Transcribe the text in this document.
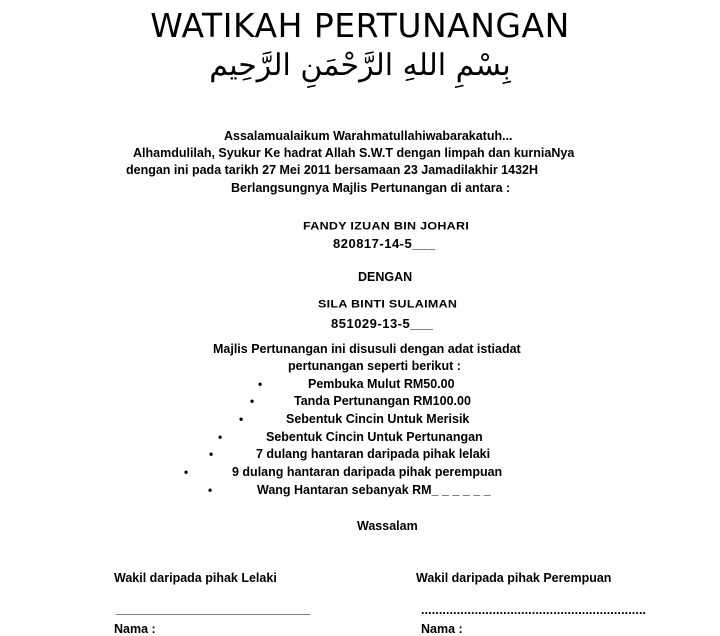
WATIKAH PERTUNANGAN
بِسْمِ اللهِ الرَّحْمَنِ الرَّحِيم
Assalamualaikum Warahmatullahiwabarakatuh...
Alhamdulilah, Syukur Ke hadrat Allah S.W.T dengan limpah dan kurniaNya
dengan ini pada tarikh 27 Mei 2011 bersamaan 23 Jamadilakhir 1432H
Berlangsungnya Majlis Pertunangan di antara :
FANDY IZUAN BIN JOHARI
820817-14-5___
DENGAN
SILA BINTI SULAIMAN
851029-13-5___
Majlis Pertunangan ini disusuli dengan adat istiadat
pertunangan seperti berikut :
•	Pembuka Mulut RM50.00
•	Tanda Pertunangan RM100.00
•	Sebentuk Cincin Untuk Merisik
•	Sebentuk Cincin Untuk Pertunangan
•	7 dulang hantaran daripada pihak lelaki
•	9 dulang hantaran daripada pihak perempuan
•	Wang Hantaran sebanyak RM_ _ _ _ _ _
Wassalam
Wakil daripada pihak Lelaki
______________________________
Nama :
Wakil daripada pihak Perempuan
...............................................................
Nama :
